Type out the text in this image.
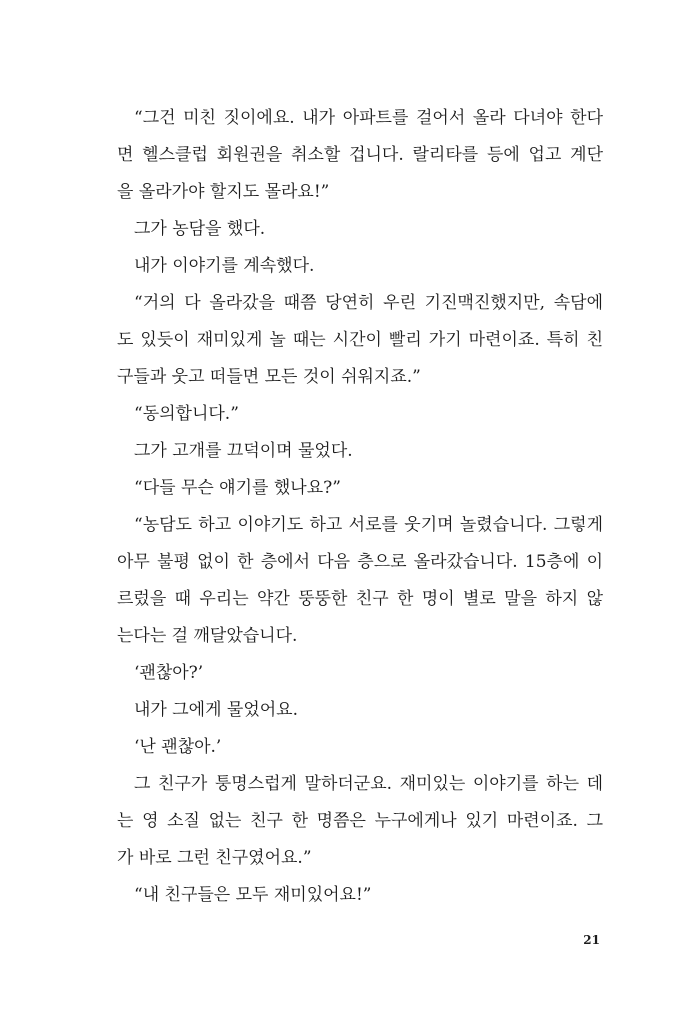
“그건 미친 짓이에요. 내가 아파트를 걸어서 올라 다녀야 한다
면 헬스클럽 회원권을 취소할 겁니다. 랄리타를 등에 업고 계단
을 올라가야 할지도 몰라요!”
그가 농담을 했다.
내가 이야기를 계속했다.
“거의 다 올라갔을 때쯤 당연히 우린 기진맥진했지만, 속담에
도 있듯이 재미있게 놀 때는 시간이 빨리 가기 마련이죠. 특히 친
구들과 웃고 떠들면 모든 것이 쉬워지죠.”
“동의합니다.”
그가 고개를 끄덕이며 물었다.
“다들 무슨 얘기를 했나요?”
“농담도 하고 이야기도 하고 서로를 웃기며 놀렸습니다. 그렇게
아무 불평 없이 한 층에서 다음 층으로 올라갔습니다. 15층에 이
르렀을 때 우리는 약간 뚱뚱한 친구 한 명이 별로 말을 하지 않
는다는 걸 깨달았습니다.
‘괜찮아?’
내가 그에게 물었어요.
‘난 괜찮아.’
그 친구가 퉁명스럽게 말하더군요. 재미있는 이야기를 하는 데
는 영 소질 없는 친구 한 명쯤은 누구에게나 있기 마련이죠. 그
가 바로 그런 친구였어요.”
“내 친구들은 모두 재미있어요!”
21
